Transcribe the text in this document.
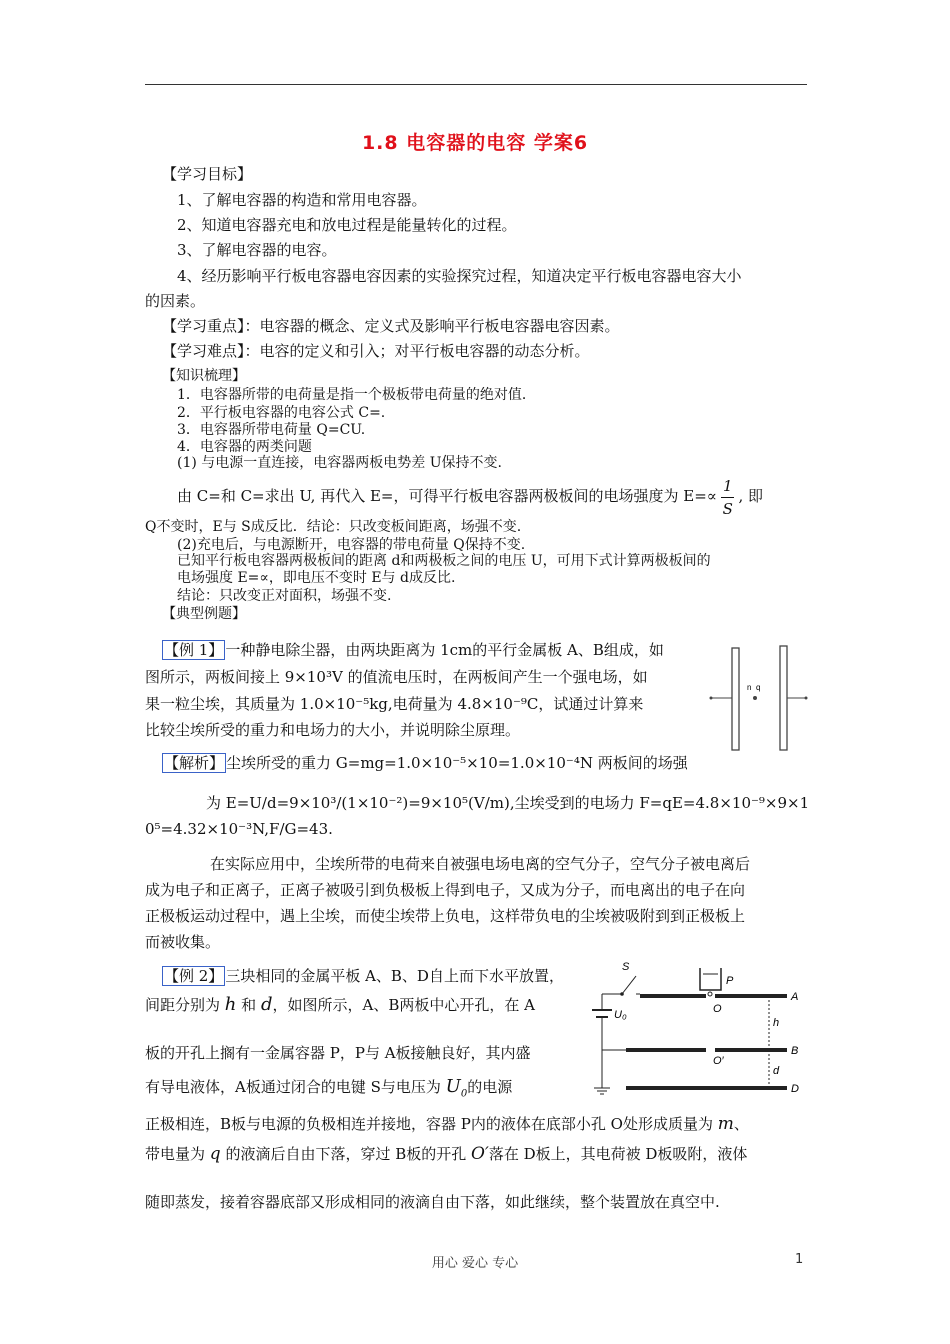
1.8 电容器的电容 学案6
【学习目标】
1、了解电容器的构造和常用电容器。
2、知道电容器充电和放电过程是能量转化的过程。
3、了解电容器的电容。
4、经历影响平行板电容器电容因素的实验探究过程，知道决定平行板电容器电容大小
的因素。
【学习重点】：电容器的概念、定义式及影响平行板电容器电容因素。
【学习难点】：电容的定义和引入；对平行板电容器的动态分析。
【知识梳理】
1．电容器所带的电荷量是指一个极板带电荷量的绝对值．
2．平行板电容器的电容公式 C=.
3．电容器所带电荷量 Q=CU.
4．电容器的两类问题
(1) 与电源一直连接，电容器两板电势差 U保持不变.
由 C=和 C=求出 U, 再代入 E=，可得平行板电容器两极板间的电场强度为 $E=\propto \frac{1}{S}$ , 即
Q不变时，E与 S成反比．结论：只改变板间距离，场强不变.
(2)充电后，与电源断开，电容器的带电荷量 Q保持不变.
已知平行板电容器两极板间的距离 d和两极板之间的电压 U，可用下式计算两极板间的
电场强度 E=∝，即电压不变时 E与 d成反比.
结论：只改变正对面积，场强不变.
【典型例题】
【例 1】 一种静电除尘器，由两块距离为 1cm的平行金属板 A、B组成，如
图所示，两板间接上 9×10³V 的值流电压时，在两板间产生一个强电场，如
果一粒尘埃，其质量为 1.0×10⁻⁵kg,电荷量为 4.8×10⁻⁹C，试通过计算来
比较尘埃所受的重力和电场力的大小，并说明除尘原理。
n q
【解析】 尘埃所受的重力 G=mg=1.0×10⁻⁵×10=1.0×10⁻⁴N 两板间的场强
为 E=U/d=9×10³/(1×10⁻²)=9×10⁵(V/m),尘埃受到的电场力 F=qE=4.8×10⁻⁹×9×1
0⁵=4.32×10⁻³N,F/G=43.
在实际应用中，尘埃所带的电荷来自被强电场电离的空气分子，空气分子被电离后
成为电子和正离子，正离子被吸引到负极板上得到电子，又成为分子，而电离出的电子在向
正极板运动过程中，遇上尘埃，而使尘埃带上负电，这样带负电的尘埃被吸附到到正极板上
而被收集。
【例 2】 三块相同的金属平板 A、B、D自上而下水平放置，
间距分别为 h 和 d，如图所示，A、B两板中心开孔，在 A
板的开孔上搁有一金属容器 P，P与 A板接触良好，其内盛
有导电液体，A板通过闭合的电键 S与电压为 $U_0$的电源
正极相连，B板与电源的负极相连并接地，容器 P内的液体在底部小孔 O处形成质量为 m、
带电量为 q 的液滴后自由下落，穿过 B板的开孔 O′落在 D板上，其电荷被 D板吸附，液体
随即蒸发，接着容器底部又形成相同的液滴自由下落，如此继续，整个装置放在真空中.
S
P
A
B
D
O
O′
h
d
U₀
用心 爱心 专心	1
